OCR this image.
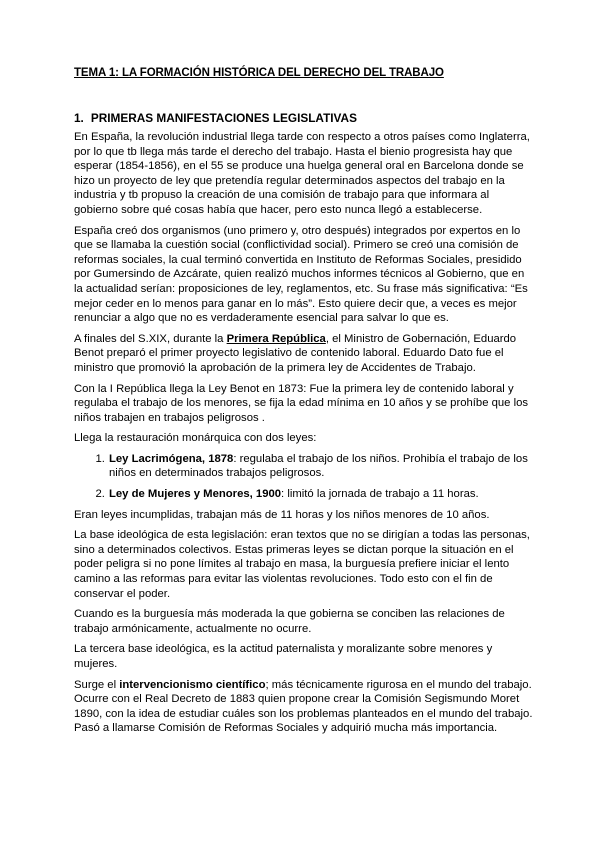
TEMA 1: LA FORMACIÓN HISTÓRICA DEL DERECHO DEL TRABAJO
1. PRIMERAS MANIFESTACIONES LEGISLATIVAS

En España, la revolución industrial llega tarde con respecto a otros países como Inglaterra, por lo que tb llega más tarde el derecho del trabajo. Hasta el bienio progresista hay que esperar (1854-1856), en el 55 se produce una huelga general oral en Barcelona donde se hizo un proyecto de ley que pretendía regular determinados aspectos del trabajo en la industria y tb propuso la creación de una comisión de trabajo para que informara al gobierno sobre qué cosas había que hacer, pero esto nunca llegó a establecerse.

España creó dos organismos (uno primero y, otro después) integrados por expertos en lo que se llamaba la cuestión social (conflictividad social). Primero se creó una comisión de reformas sociales, la cual terminó convertida en Instituto de Reformas Sociales, presidido por Gumersindo de Azcárate, quien realizó muchos informes técnicos al Gobierno, que en la actualidad serían: proposiciones de ley, reglamentos, etc. Su frase más significativa: “Es mejor ceder en lo menos para ganar en lo más”. Esto quiere decir que, a veces es mejor renunciar a algo que no es verdaderamente esencial para salvar lo que es.

A finales del S.XIX, durante la Primera República, el Ministro de Gobernación, Eduardo Benot preparó el primer proyecto legislativo de contenido laboral. Eduardo Dato fue el ministro que promovió la aprobación de la primera ley de Accidentes de Trabajo.

Con la I República llega la Ley Benot en 1873: Fue la primera ley de contenido laboral y regulaba el trabajo de los menores, se fija la edad mínima en 10 años y se prohíbe que los niños trabajen en trabajos peligrosos .

Llega la restauración monárquica con dos leyes:

1. Ley Lacrimógena, 1878: regulaba el trabajo de los niños. Prohibía el trabajo de los niños en determinados trabajos peligrosos.
2. Ley de Mujeres y Menores, 1900: limitó la jornada de trabajo a 11 horas.

Eran leyes incumplidas, trabajan más de 11 horas y los niños menores de 10 años.

La base ideológica de esta legislación: eran textos que no se dirigían a todas las personas, sino a determinados colectivos. Estas primeras leyes se dictan porque la situación en el poder peligra si no pone límites al trabajo en masa, la burguesía prefiere iniciar el lento camino a las reformas para evitar las violentas revoluciones. Todo esto con el fin de conservar el poder.

Cuando es la burguesía más moderada la que gobierna se conciben las relaciones de trabajo armónicamente, actualmente no ocurre.

La tercera base ideológica, es la actitud paternalista y moralizante sobre menores y mujeres.

Surge el intervencionismo científico; más técnicamente rigurosa en el mundo del trabajo. Ocurre con el Real Decreto de 1883 quien propone crear la Comisión Segismundo Moret 1890, con la idea de estudiar cuáles son los problemas planteados en el mundo del trabajo. Pasó a llamarse Comisión de Reformas Sociales y adquirió mucha más importancia.
